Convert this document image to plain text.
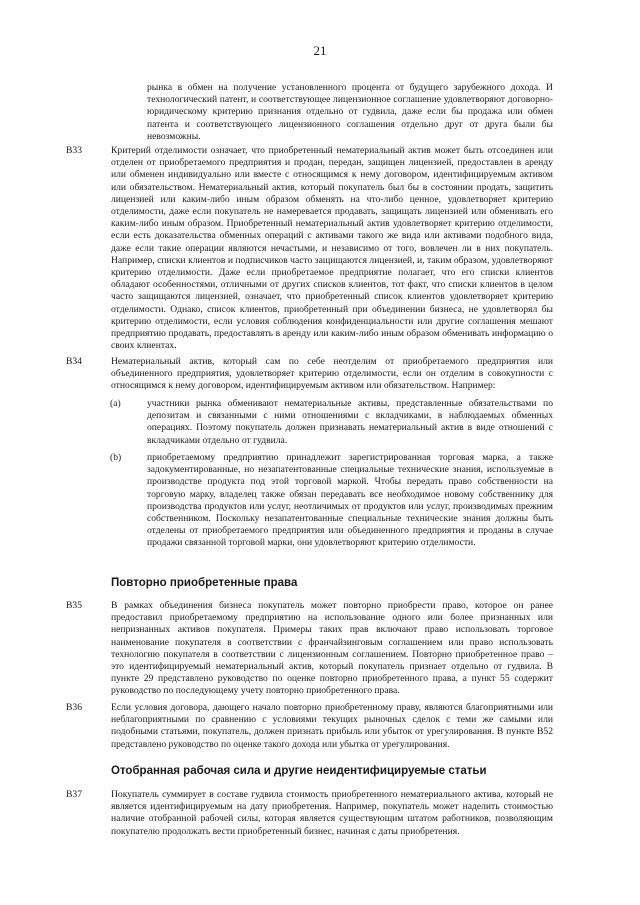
21
рынка в обмен на получение установленного процента от будущего зарубежного дохода. И технологический патент, и соответствующее лицензионное соглашение удовлетворяют договорно-юридическому критерию признания отдельно от гудвила, даже если бы продажа или обмен патента и соответствующего лицензионного соглашения отдельно друг от друга были бы невозможны.
B33	Критерий отделимости означает, что приобретенный нематериальный актив может быть отсоединен или отделен от приобретаемого предприятия и продан, передан, защищен лицензией, предоставлен в аренду или обменен индивидуально или вместе с относящимся к нему договором, идентифицируемым активом или обязательством. Нематериальный актив, который покупатель был бы в состоянии продать, защитить лицензией или каким-либо иным образом обменять на что-либо ценное, удовлетворяет критерию отделимости, даже если покупатель не намеревается продавать, защищать лицензией или обменивать его каким-либо иным образом. Приобретенный нематериальный актив удовлетворяет критерию отделимости, если есть доказательства обменных операций с активами такого же вида или активами подобного вида, даже если такие операции являются нечастыми, и независимо от того, вовлечен ли в них покупатель. Например, списки клиентов и подписчиков часто защищаются лицензией, и, таким образом, удовлетворяют критерию отделимости. Даже если приобретаемое предприятие полагает, что его списки клиентов обладают особенностями, отличными от других списков клиентов, тот факт, что списки клиентов в целом часто защищаются лицензией, означает, что приобретенный список клиентов удовлетворяет критерию отделимости. Однако, список клиентов, приобретенный при объединении бизнеса, не удовлетворял бы критерию отделимости, если условия соблюдения конфиденциальности или другие соглашения мешают предприятию продавать, предоставлять в аренду или каким-либо иным образом обменивать информацию о своих клиентах.
B34	Нематериальный актив, который сам по себе неотделим от приобретаемого предприятия или объединенного предприятия, удовлетворяет критерию отделимости, если он отделим в совокупности с относящимся к нему договором, идентифицируемым активом или обязательством. Например:
(a)	участники рынка обменивают нематериальные активы, представленные обязательствами по депозитам и связанными с ними отношениями с вкладчиками, в наблюдаемых обменных операциях. Поэтому покупатель должен признавать нематериальный актив в виде отношений с вкладчиками отдельно от гудвила.
(b)	приобретаемому предприятию принадлежит зарегистрированная торговая марка, а также задокументированные, но незапатентованные специальные технические знания, используемые в производстве продукта под этой торговой маркой. Чтобы передать право собственности на торговую марку, владелец также обязан передавать все необходимое новому собственнику для производства продуктов или услуг, неотличимых от продуктов или услуг, производимых прежним собственником. Поскольку незапатентованные специальные технические знания должны быть отделены от приобретаемого предприятия или объединенного предприятия и проданы в случае продажи связанной торговой марки, они удовлетворяют критерию отделимости.
Повторно приобретенные права
B35	В рамках объединения бизнеса покупатель может повторно приобрести право, которое он ранее предоставил приобретаемому предприятию на использование одного или более признанных или непризнанных активов покупателя. Примеры таких прав включают право использовать торговое наименование покупателя в соответствии с франчайзинговым соглашением или право использовать технологию покупателя в соответствии с лицензионным соглашением. Повторно приобретенное право – это идентифицируемый нематериальный актив, который покупатель признает отдельно от гудвила. В пункте 29 представлено руководство по оценке повторно приобретенного права, а пункт 55 содержит руководство по последующему учету повторно приобретенного права.
B36	Если условия договора, дающего начало повторно приобретенному праву, являются благоприятными или неблагоприятными по сравнению с условиями текущих рыночных сделок с теми же самыми или подобными статьями, покупатель, должен признать прибыль или убыток от урегулирования. В пункте B52 представлено руководство по оценке такого дохода или убытка от урегулирования.
Отобранная рабочая сила и другие неидентифицируемые статьи
B37	Покупатель суммирует в составе гудвила стоимость приобретенного нематериального актива, который не является идентифицируемым на дату приобретения. Например, покупатель может наделить стоимостью наличие отобранной рабочей силы, которая является существующим штатом работников, позволяющим покупателю продолжать вести приобретенный бизнес, начиная с даты приобретения.
